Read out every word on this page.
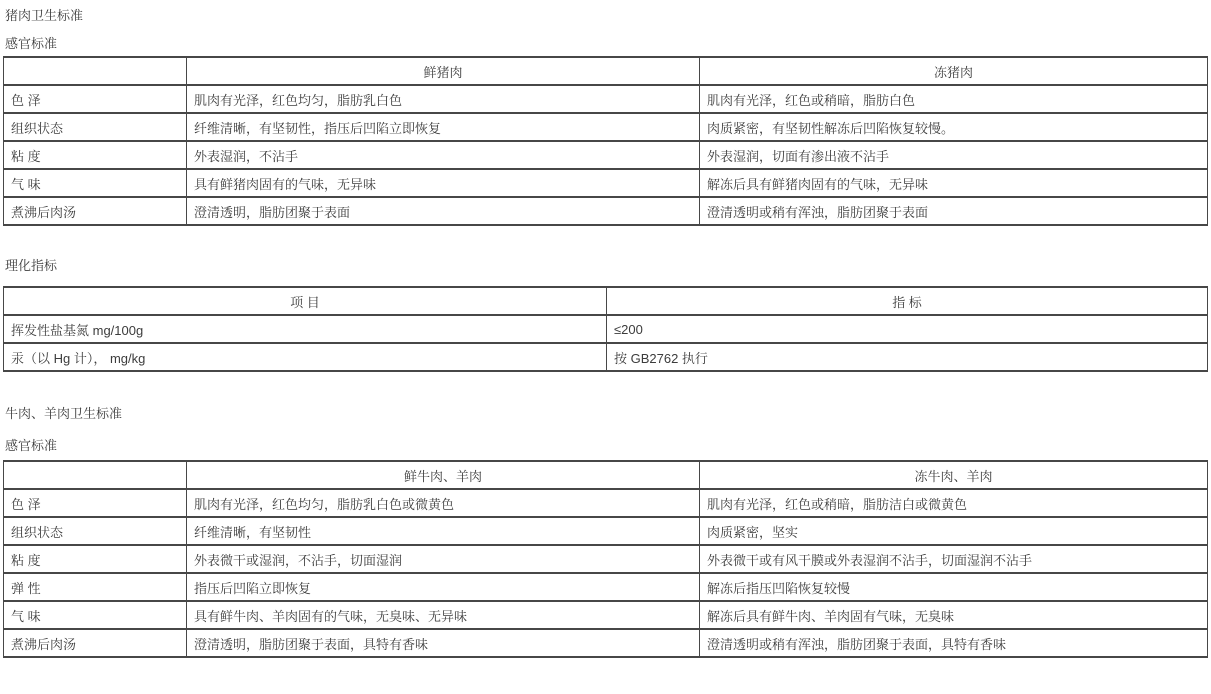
猪肉卫生标准

感官标准

	鲜猪肉	冻猪肉
色 泽	肌肉有光泽，红色均匀，脂肪乳白色	肌肉有光泽，红色或稍暗，脂肪白色
组织状态	纤维清晰，有坚韧性，指压后凹陷立即恢复	肉质紧密，有坚韧性解冻后凹陷恢复较慢。
粘 度	外表湿润，不沾手	外表湿润，切面有渗出液不沾手
气 味	具有鲜猪肉固有的气味，无异味	解冻后具有鲜猪肉固有的气味，无异味
煮沸后肉汤	澄清透明，脂肪团聚于表面	澄清透明或稍有浑浊，脂肪团聚于表面

理化指标

项 目	指 标
挥发性盐基氮 mg/100g	≤200
汞（以 Hg 计）， mg/kg	按 GB2762 执行

牛肉、羊肉卫生标准

感官标准

	鲜牛肉、羊肉	冻牛肉、羊肉
色 泽	肌肉有光泽，红色均匀，脂肪乳白色或微黄色	肌肉有光泽，红色或稍暗，脂肪洁白或微黄色
组织状态	纤维清晰，有坚韧性	肉质紧密，坚实
粘 度	外表微干或湿润，不沾手，切面湿润	外表微干或有风干膜或外表湿润不沾手，切面湿润不沾手
弹 性	指压后凹陷立即恢复	解冻后指压凹陷恢复较慢
气 味	具有鲜牛肉、羊肉固有的气味，无臭味、无异味	解冻后具有鲜牛肉、羊肉固有气味，无臭味
煮沸后肉汤	澄清透明，脂肪团聚于表面，具特有香味	澄清透明或稍有浑浊，脂肪团聚于表面，具特有香味
